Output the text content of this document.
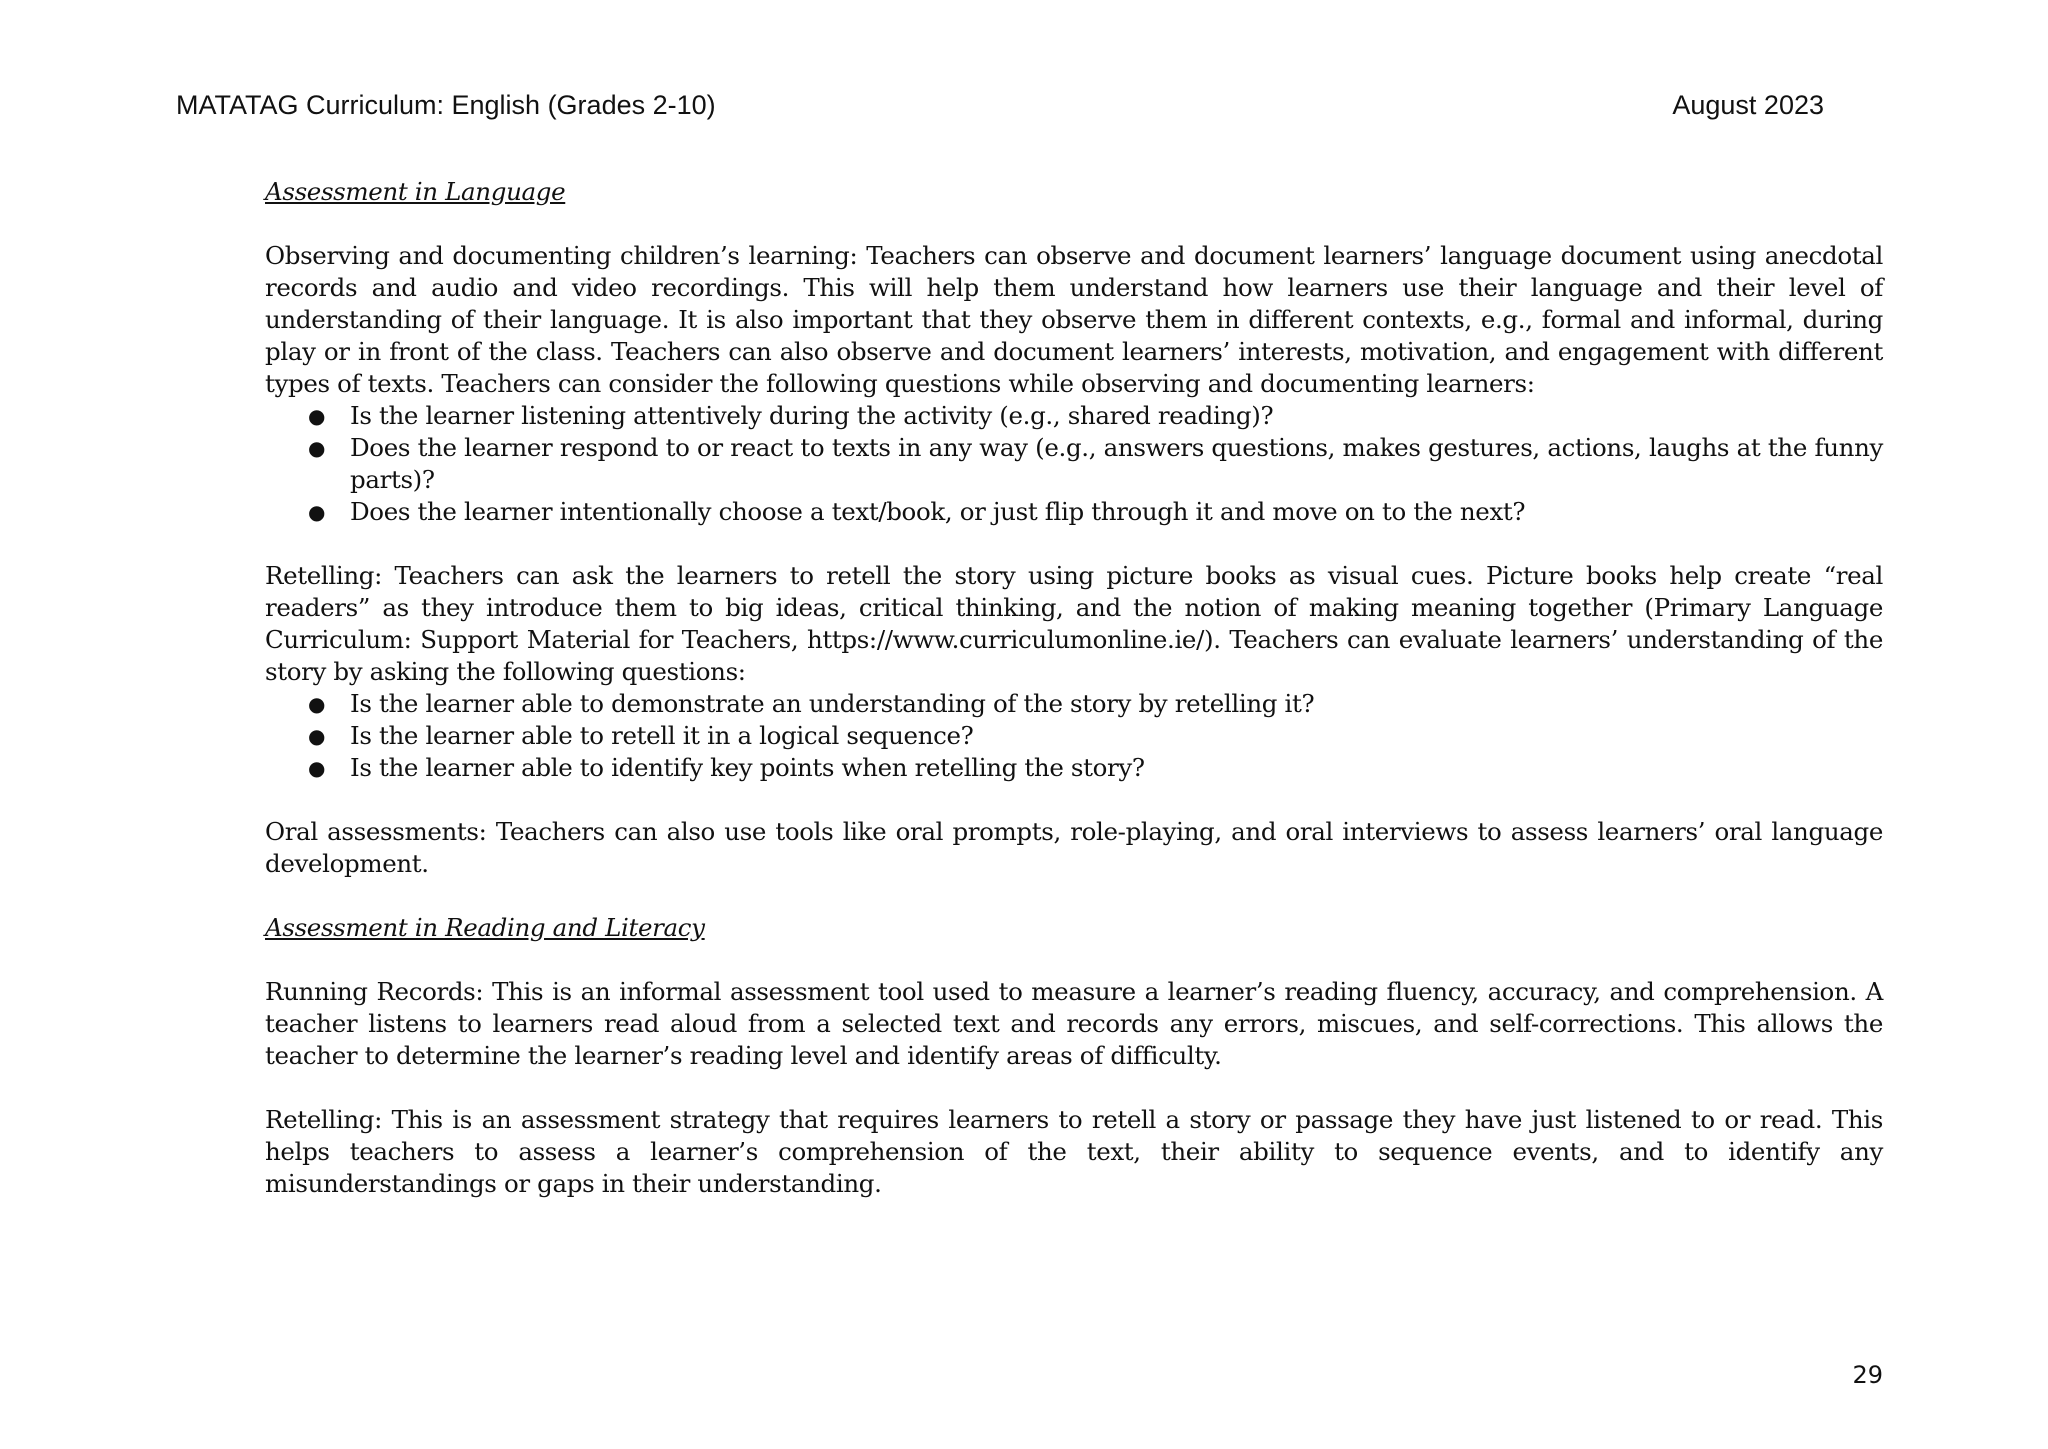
MATATAG Curriculum: English (Grades 2-10)	August 2023
Assessment in Language

Observing and documenting children’s learning: Teachers can observe and document learners’ language document using anecdotal records and audio and video recordings. This will help them understand how learners use their language and their level of understanding of their language. It is also important that they observe them in different contexts, e.g., formal and informal, during play or in front of the class. Teachers can also observe and document learners’ interests, motivation, and engagement with different types of texts. Teachers can consider the following questions while observing and documenting learners:

● Is the learner listening attentively during the activity (e.g., shared reading)?
● Does the learner respond to or react to texts in any way (e.g., answers questions, makes gestures, actions, laughs at the funny parts)?
● Does the learner intentionally choose a text/book, or just flip through it and move on to the next?

Retelling: Teachers can ask the learners to retell the story using picture books as visual cues. Picture books help create “real readers” as they introduce them to big ideas, critical thinking, and the notion of making meaning together (Primary Language Curriculum: Support Material for Teachers, https://www.curriculumonline.ie/). Teachers can evaluate learners’ understanding of the story by asking the following questions:

● Is the learner able to demonstrate an understanding of the story by retelling it?
● Is the learner able to retell it in a logical sequence?
● Is the learner able to identify key points when retelling the story?

Oral assessments: Teachers can also use tools like oral prompts, role-playing, and oral interviews to assess learners’ oral language development.

Assessment in Reading and Literacy

Running Records: This is an informal assessment tool used to measure a learner’s reading fluency, accuracy, and comprehension. A teacher listens to learners read aloud from a selected text and records any errors, miscues, and self-corrections. This allows the teacher to determine the learner’s reading level and identify areas of difficulty.

Retelling: This is an assessment strategy that requires learners to retell a story or passage they have just listened to or read. This helps teachers to assess a learner’s comprehension of the text, their ability to sequence events, and to identify any misunderstandings or gaps in their understanding.

29
